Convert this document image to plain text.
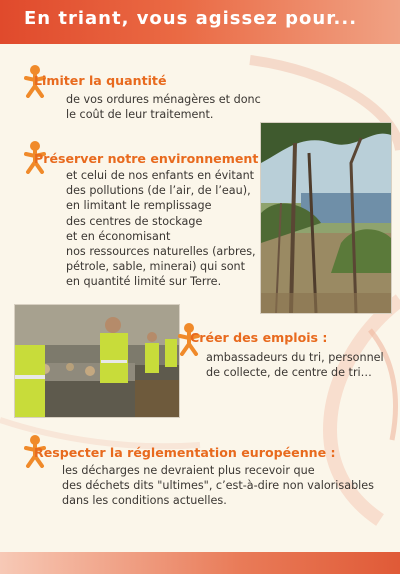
En triant, vous agissez pour...
Limiter la quantité
de vos ordures ménagères et donc
le coût de leur traitement.
Préserver notre environnement
et celui de nos enfants en évitant
des pollutions (de l’air, de l’eau),
en limitant le remplissage
des centres de stockage
et en économisant
nos ressources naturelles (arbres,
pétrole, sable, minerai) qui sont
en quantité limité sur Terre.
Créer des emplois :
ambassadeurs du tri, personnel
de collecte, de centre de tri…
Respecter la réglementation européenne :
les décharges ne devraient plus recevoir que
des déchets dits "ultimes", c’est-à-dire non valorisables
dans les conditions actuelles.
